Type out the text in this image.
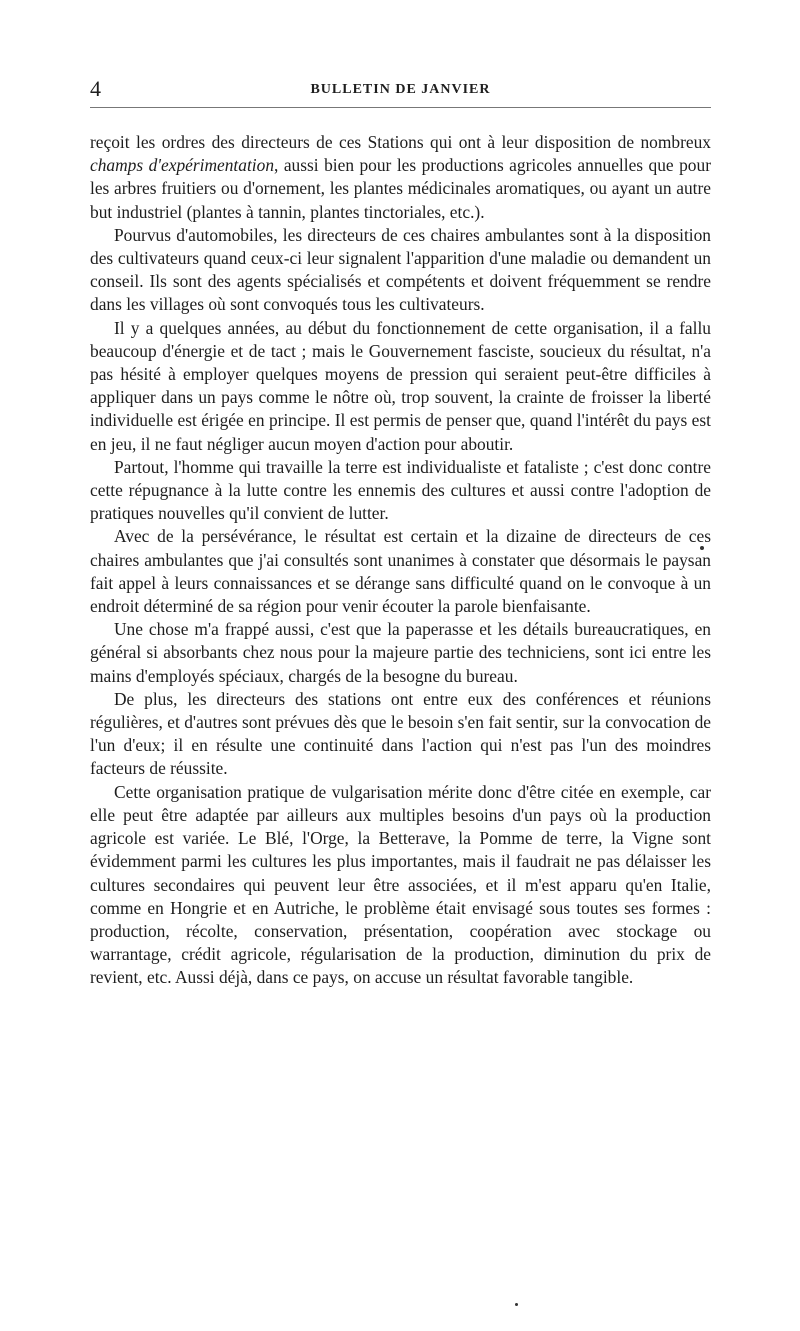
4	BULLETIN DE JANVIER

reçoit les ordres des directeurs de ces Stations qui ont à leur disposition de nombreux champs d'expérimentation, aussi bien pour les productions agricoles annuelles que pour les arbres fruitiers ou d'ornement, les plantes médicinales aromatiques, ou ayant un autre but industriel (plantes à tannin, plantes tinctoriales, etc.).

Pourvus d'automobiles, les directeurs de ces chaires ambulantes sont à la disposition des cultivateurs quand ceux-ci leur signalent l'apparition d'une maladie ou demandent un conseil. Ils sont des agents spécialisés et compétents et doivent fréquemment se rendre dans les villages où sont convoqués tous les cultivateurs.

Il y a quelques années, au début du fonctionnement de cette organisation, il a fallu beaucoup d'énergie et de tact ; mais le Gouvernement fasciste, soucieux du résultat, n'a pas hésité à employer quelques moyens de pression qui seraient peut-être difficiles à appliquer dans un pays comme le nôtre où, trop souvent, la crainte de froisser la liberté individuelle est érigée en principe. Il est permis de penser que, quand l'intérêt du pays est en jeu, il ne faut négliger aucun moyen d'action pour aboutir.

Partout, l'homme qui travaille la terre est individualiste et fataliste ; c'est donc contre cette répugnance à la lutte contre les ennemis des cultures et aussi contre l'adoption de pratiques nouvelles qu'il convient de lutter.

Avec de la persévérance, le résultat est certain et la dizaine de directeurs de ces chaires ambulantes que j'ai consultés sont unanimes à constater que désormais le paysan fait appel à leurs connaissances et se dérange sans difficulté quand on le convoque à un endroit déterminé de sa région pour venir écouter la parole bienfaisante.

Une chose m'a frappé aussi, c'est que la paperasse et les détails bureaucratiques, en général si absorbants chez nous pour la majeure partie des techniciens, sont ici entre les mains d'employés spéciaux, chargés de la besogne du bureau.

De plus, les directeurs des stations ont entre eux des conférences et réunions régulières, et d'autres sont prévues dès que le besoin s'en fait sentir, sur la convocation de l'un d'eux; il en résulte une continuité dans l'action qui n'est pas l'un des moindres facteurs de réussite.

Cette organisation pratique de vulgarisation mérite donc d'être citée en exemple, car elle peut être adaptée par ailleurs aux multiples besoins d'un pays où la production agricole est variée. Le Blé, l'Orge, la Betterave, la Pomme de terre, la Vigne sont évidemment parmi les cultures les plus importantes, mais il faudrait ne pas délaisser les cultures secondaires qui peuvent leur être associées, et il m'est apparu qu'en Italie, comme en Hongrie et en Autriche, le problème était envisagé sous toutes ses formes : production, récolte, conservation, présentation, coopération avec stockage ou warrantage, crédit agricole, régularisation de la production, diminution du prix de revient, etc. Aussi déjà, dans ce pays, on accuse un résultat favorable tangible.
